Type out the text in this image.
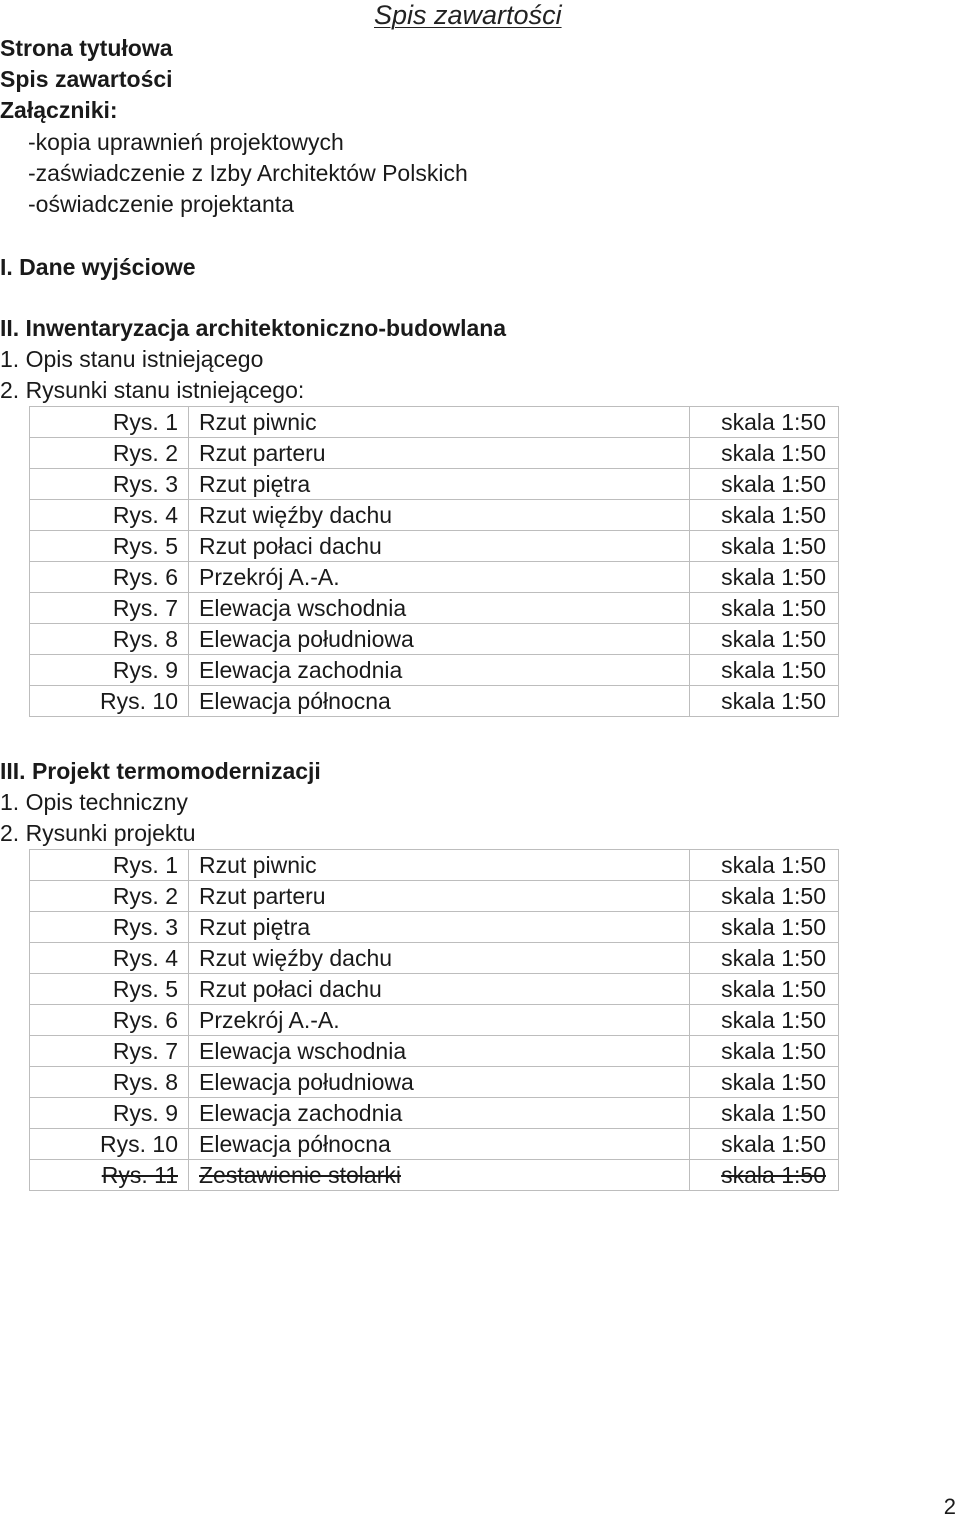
Spis zawartości
Strona tytułowa
Spis zawartości
Załączniki:
-kopia uprawnień projektowych
-zaświadczenie z Izby Architektów Polskich
-oświadczenie projektanta
I. Dane wyjściowe
II. Inwentaryzacja architektoniczno-budowlana
1. Opis stanu istniejącego
2. Rysunki stanu istniejącego:
Rys. 1	Rzut piwnic	skala 1:50
Rys. 2	Rzut parteru	skala 1:50
Rys. 3	Rzut piętra	skala 1:50
Rys. 4	Rzut więźby dachu	skala 1:50
Rys. 5	Rzut połaci dachu	skala 1:50
Rys. 6	Przekrój A.-A.	skala 1:50
Rys. 7	Elewacja wschodnia	skala 1:50
Rys. 8	Elewacja południowa	skala 1:50
Rys. 9	Elewacja zachodnia	skala 1:50
Rys. 10	Elewacja północna	skala 1:50
III. Projekt termomodernizacji
1. Opis techniczny
2. Rysunki projektu
Rys. 1	Rzut piwnic	skala 1:50
Rys. 2	Rzut parteru	skala 1:50
Rys. 3	Rzut piętra	skala 1:50
Rys. 4	Rzut więźby dachu	skala 1:50
Rys. 5	Rzut połaci dachu	skala 1:50
Rys. 6	Przekrój A.-A.	skala 1:50
Rys. 7	Elewacja wschodnia	skala 1:50
Rys. 8	Elewacja południowa	skala 1:50
Rys. 9	Elewacja zachodnia	skala 1:50
Rys. 10	Elewacja północna	skala 1:50
Rys. 11	Zestawienie stolarki	skala 1:50
2
